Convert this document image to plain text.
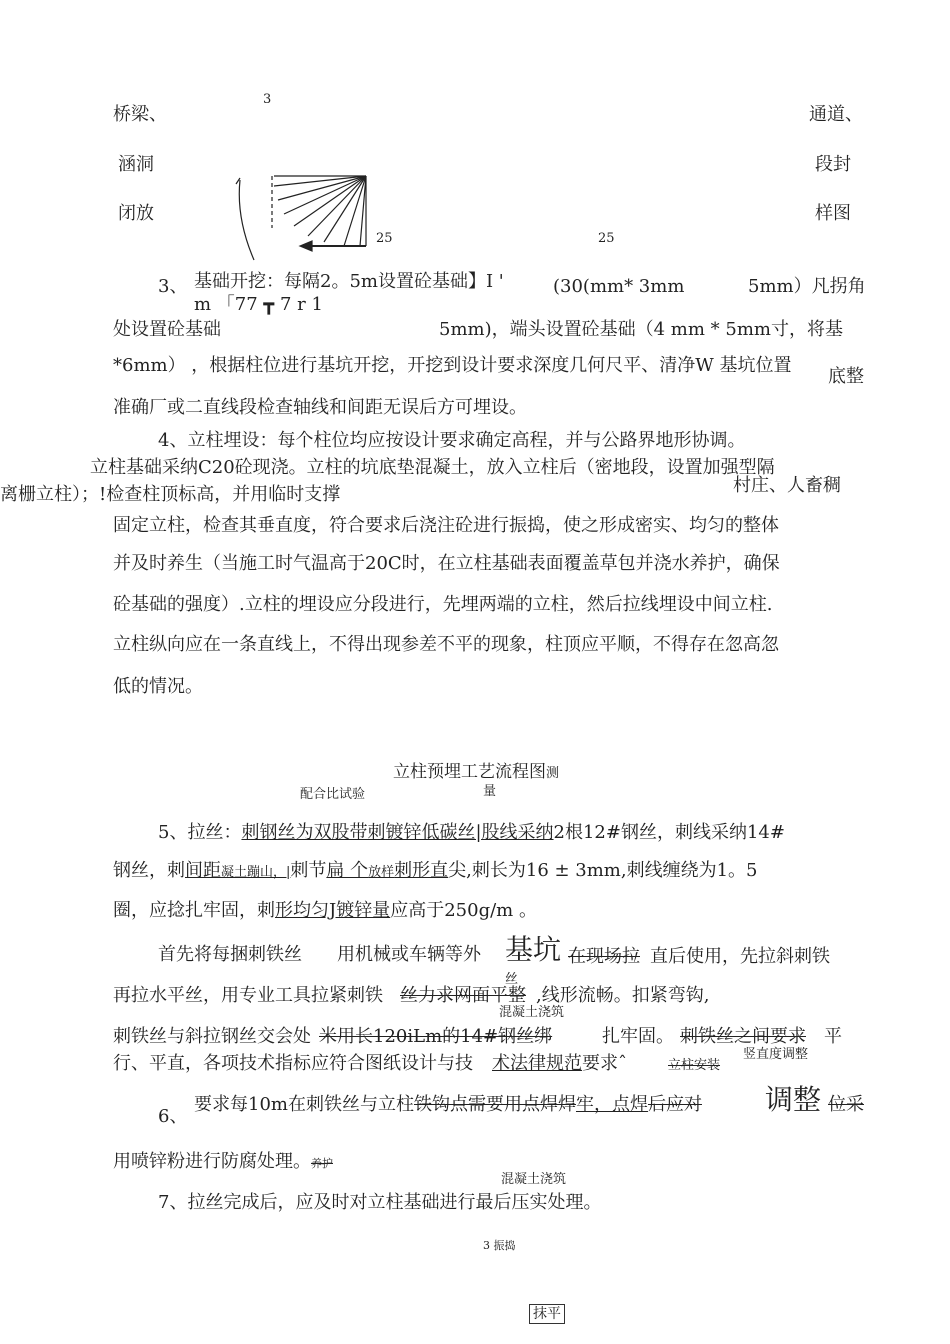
桥梁、
涵洞
闭放
通道、
段封
样图
3
25	25
3、 基础开挖：每隔2。5m设置砼基础】I '	(30(mm* 3mm	5mm）凡拐角
m 「77 ┳ 7 r 1
处设置砼基础	5mm)，端头设置砼基础（4 mm * 5mm寸，将基
*6mm） ，根据柱位进行基坑开挖，开挖到设计要求深度几何尺平、清净W 基坑位置
底整
准确厂或二直线段检查轴线和间距无误后方可埋设。
4、立柱埋设：每个柱位均应按设计要求确定高程，并与公路界地形协调。
立柱基础采纳C20砼现浇。立柱的坑底垫混凝土，放入立柱后（密地段，设置加强型隔
离栅立柱）；!检查柱顶标高，并用临时支撑	村庄、人畜稠
固定立柱，检查其垂直度，符合要求后浇注砼进行振捣，使之形成密实、均匀的整体
并及时养生（当施工时气温高于20C时，在立柱基础表面覆盖草包并浇水养护，确保
砼基础的强度）.立柱的埋设应分段进行，先埋两端的立柱，然后拉线埋设中间立柱.
立柱纵向应在一条直线上，不得出现参差不平的现象，柱顶应平顺，不得存在忽高忽
低的情况。
立柱预埋工艺流程图测
量
配合比试验
5、拉丝：刺钢丝为双股带刺镀锌低碳丝|股线采纳2根12#钢丝，刺线采纳14#
钢丝，刺间距凝土蹦山，|刺节扁 个放样刺形直尖,刺长为16 ± 3mm,刺线缠绕为1。5
圈，应捻扎牢固，刺形均匀J镀锌量应高于250g/m 。
首先将每捆刺铁丝 用机械或车辆等外 基坑
丝
在现场拉 直后使用，先拉斜刺铁
再拉水平丝，用专业工具拉紧刺铁 丝力求网面平整 ,线形流畅。扣紧弯钩,
混凝土浇筑
刺铁丝与斜拉钢丝交会处 米用长120iLm的14#钢丝绑	扎牢固。 刺铁丝之间要求 平
行、平直，各项技术指标应符合图纸设计与技 术法律规范 要求ˆ	立柱安装
竖直度调整
6、
要求每10m在刺铁丝与立柱铁钩点需要用点焊焊牢，点焊后应对 调整 位采
用喷锌粉进行防腐处理。养护
混凝土浇筑
7、拉丝完成后，应及时对立柱基础进行最后压实处理。
3 振捣
抹平
